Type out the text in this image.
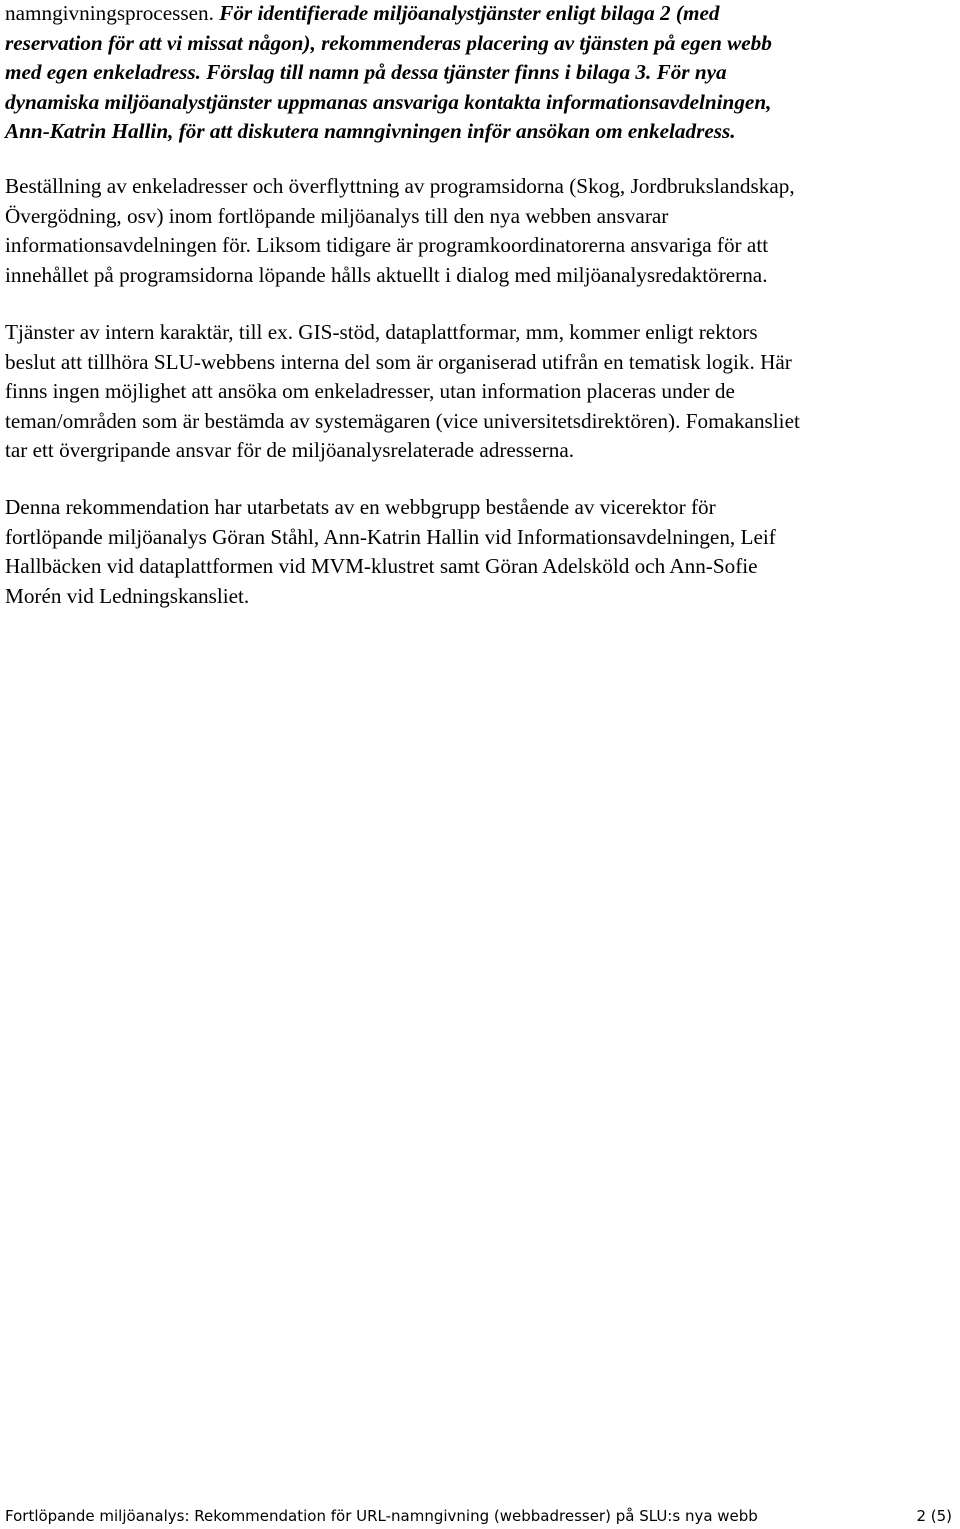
namngivningsprocessen. För identifierade miljöanalystjänster enligt bilaga 2 (med
reservation för att vi missat någon), rekommenderas placering av tjänsten på egen webb
med egen enkeladress. Förslag till namn på dessa tjänster finns i bilaga 3. För nya
dynamiska miljöanalystjänster uppmanas ansvariga kontakta informationsavdelningen,
Ann-Katrin Hallin, för att diskutera namngivningen inför ansökan om enkeladress.

Beställning av enkeladresser och överflyttning av programsidorna (Skog, Jordbrukslandskap,
Övergödning, osv) inom fortlöpande miljöanalys till den nya webben ansvarar
informationsavdelningen för. Liksom tidigare är programkoordinatorerna ansvariga för att
innehållet på programsidorna löpande hålls aktuellt i dialog med miljöanalysredaktörerna.

Tjänster av intern karaktär, till ex. GIS-stöd, dataplattformar, mm, kommer enligt rektors
beslut att tillhöra SLU-webbens interna del som är organiserad utifrån en tematisk logik. Här
finns ingen möjlighet att ansöka om enkeladresser, utan information placeras under de
teman/områden som är bestämda av systemägaren (vice universitetsdirektören). Fomakansliet
tar ett övergripande ansvar för de miljöanalysrelaterade adresserna.

Denna rekommendation har utarbetats av en webbgrupp bestående av vicerektor för
fortlöpande miljöanalys Göran Ståhl, Ann-Katrin Hallin vid Informationsavdelningen, Leif
Hallbäcken vid dataplattformen vid MVM-klustret samt Göran Adelsköld och Ann-Sofie
Morén vid Ledningskansliet.

Fortlöpande miljöanalys: Rekommendation för URL-namngivning (webbadresser) på SLU:s nya webb	2 (5)
